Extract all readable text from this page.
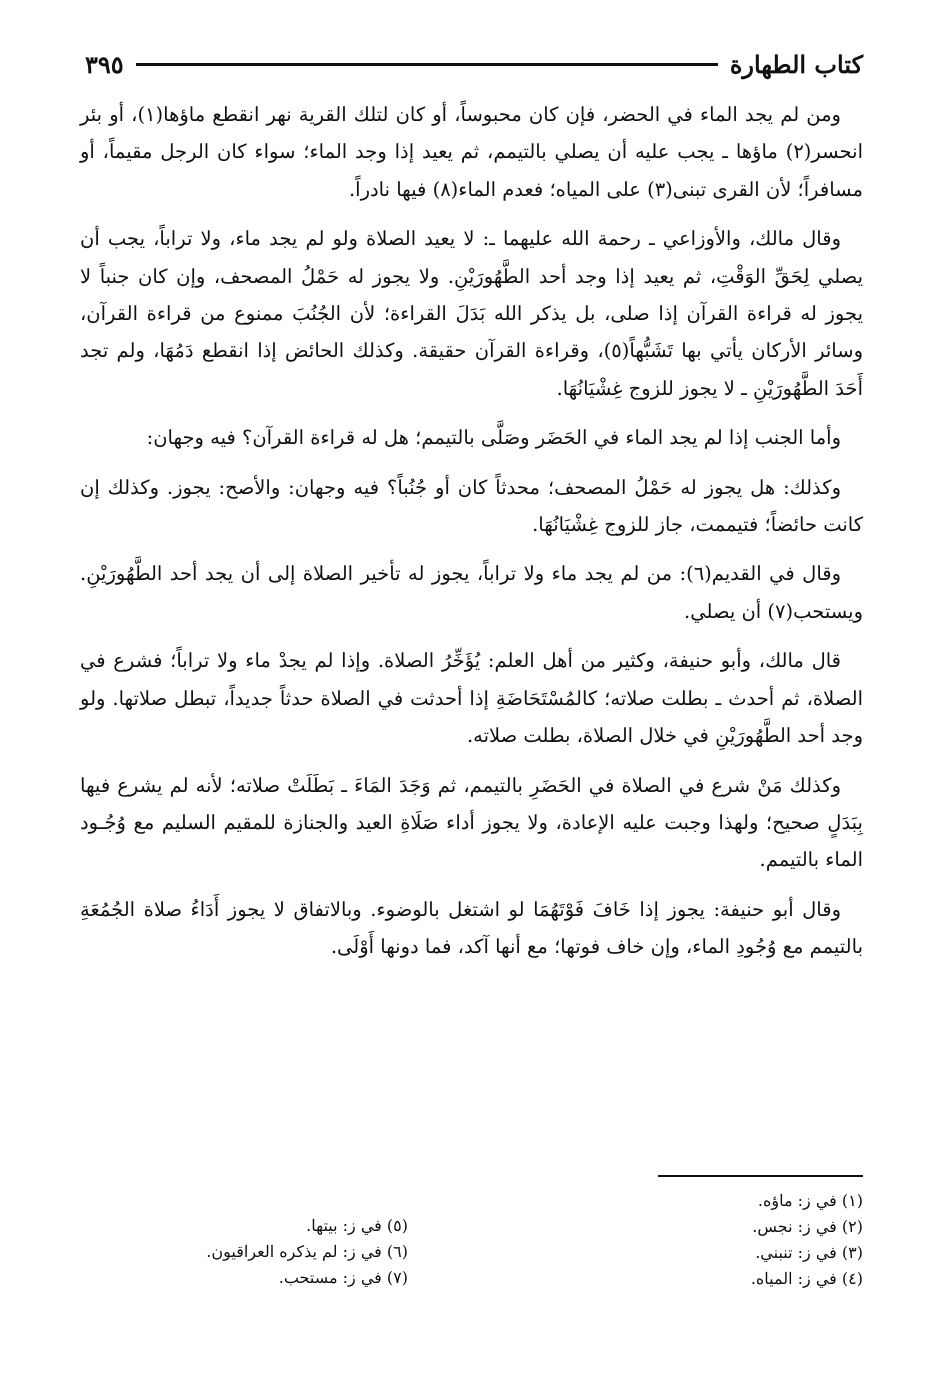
كتاب الطهارة
٣٩٥

ومن لم يجد الماء في الحضر، فإن كان محبوساً، أو كان لتلك القرية نهر انقطع ماؤها(١)، أو بئر انحسر(٢) ماؤها ـ يجب عليه أن يصلي بالتيمم، ثم يعيد إذا وجد الماء؛ سواء كان الرجل مقيماً، أو مسافراً؛ لأن القرى تبنى(٣) على المياه؛ فعدم الماء(٨) فيها نادراً.

وقال مالك، والأوزاعي ـ رحمة الله عليهما ـ: لا يعيد الصلاة ولو لم يجد ماء، ولا تراباً، يجب أن يصلي لِحَقِّ الوَقْتِ، ثم يعيد إذا وجد أحد الطَّهُورَيْنِ. ولا يجوز له حَمْلُ المصحف، وإن كان جنباً لا يجوز له قراءة القرآن إذا صلى، بل يذكر الله بَدَلَ القراءة؛ لأن الجُنُبَ ممنوع من قراءة القرآن، وسائر الأركان يأتي بها تَشَبُّهاً(٥)، وقراءة القرآن حقيقة. وكذلك الحائض إذا انقطع دَمُهَا، ولم تجد أَحَدَ الطَّهُورَيْنِ ـ لا يجوز للزوج غِشْيَانُهَا.

وأما الجنب إذا لم يجد الماء في الحَضَر وصَلَّى بالتيمم؛ هل له قراءة القرآن؟ فيه وجهان:

وكذلك: هل يجوز له حَمْلُ المصحف؛ محدثاً كان أو جُنُباً؟ فيه وجهان: والأصح: يجوز. وكذلك إن كانت حائضاً؛ فتيممت، جاز للزوج غِشْيَانُهَا.

وقال في القديم(٦): من لم يجد ماء ولا تراباً، يجوز له تأخير الصلاة إلى أن يجد أحد الطَّهُورَيْنِ. ويستحب(٧) أن يصلي.

قال مالك، وأبو حنيفة، وكثير من أهل العلم: يُؤَخِّرُ الصلاة. وإذا لم يجدْ ماء ولا تراباً؛ فشرع في الصلاة، ثم أحدث ـ بطلت صلاته؛ كالمُسْتَحَاضَةِ إذا أحدثت في الصلاة حدثاً جديداً، تبطل صلاتها. ولو وجد أحد الطَّهُورَيْنِ في خلال الصلاة، بطلت صلاته.

وكذلك مَنْ شرع في الصلاة في الحَضَرِ بالتيمم، ثم وَجَدَ المَاءَ ـ بَطَلَتْ صلاته؛ لأنه لم يشرع فيها بِبَدَلٍ صحيح؛ ولهذا وجبت عليه الإعادة، ولا يجوز أداء صَلَاةِ العيد والجنازة للمقيم السليم مع وُجُـود الماء بالتيمم.

وقال أبو حنيفة: يجوز إذا خَافَ فَوْتَهُمَا لو اشتغل بالوضوء. وبالاتفاق لا يجوز أَدَاءُ صلاة الجُمُعَةِ بالتيمم مع وُجُودِ الماء، وإن خاف فوتها؛ مع أنها آكد، فما دونها أَوْلَى.

(١) في ز: ماؤه.

(٢) في ز: نجس.

(٣) في ز: تنبني.

(٤) في ز: المياه.

(٥) في ز: بيتها.

(٦) في ز: لم يذكره العراقيون.

(٧) في ز: مستحب.
